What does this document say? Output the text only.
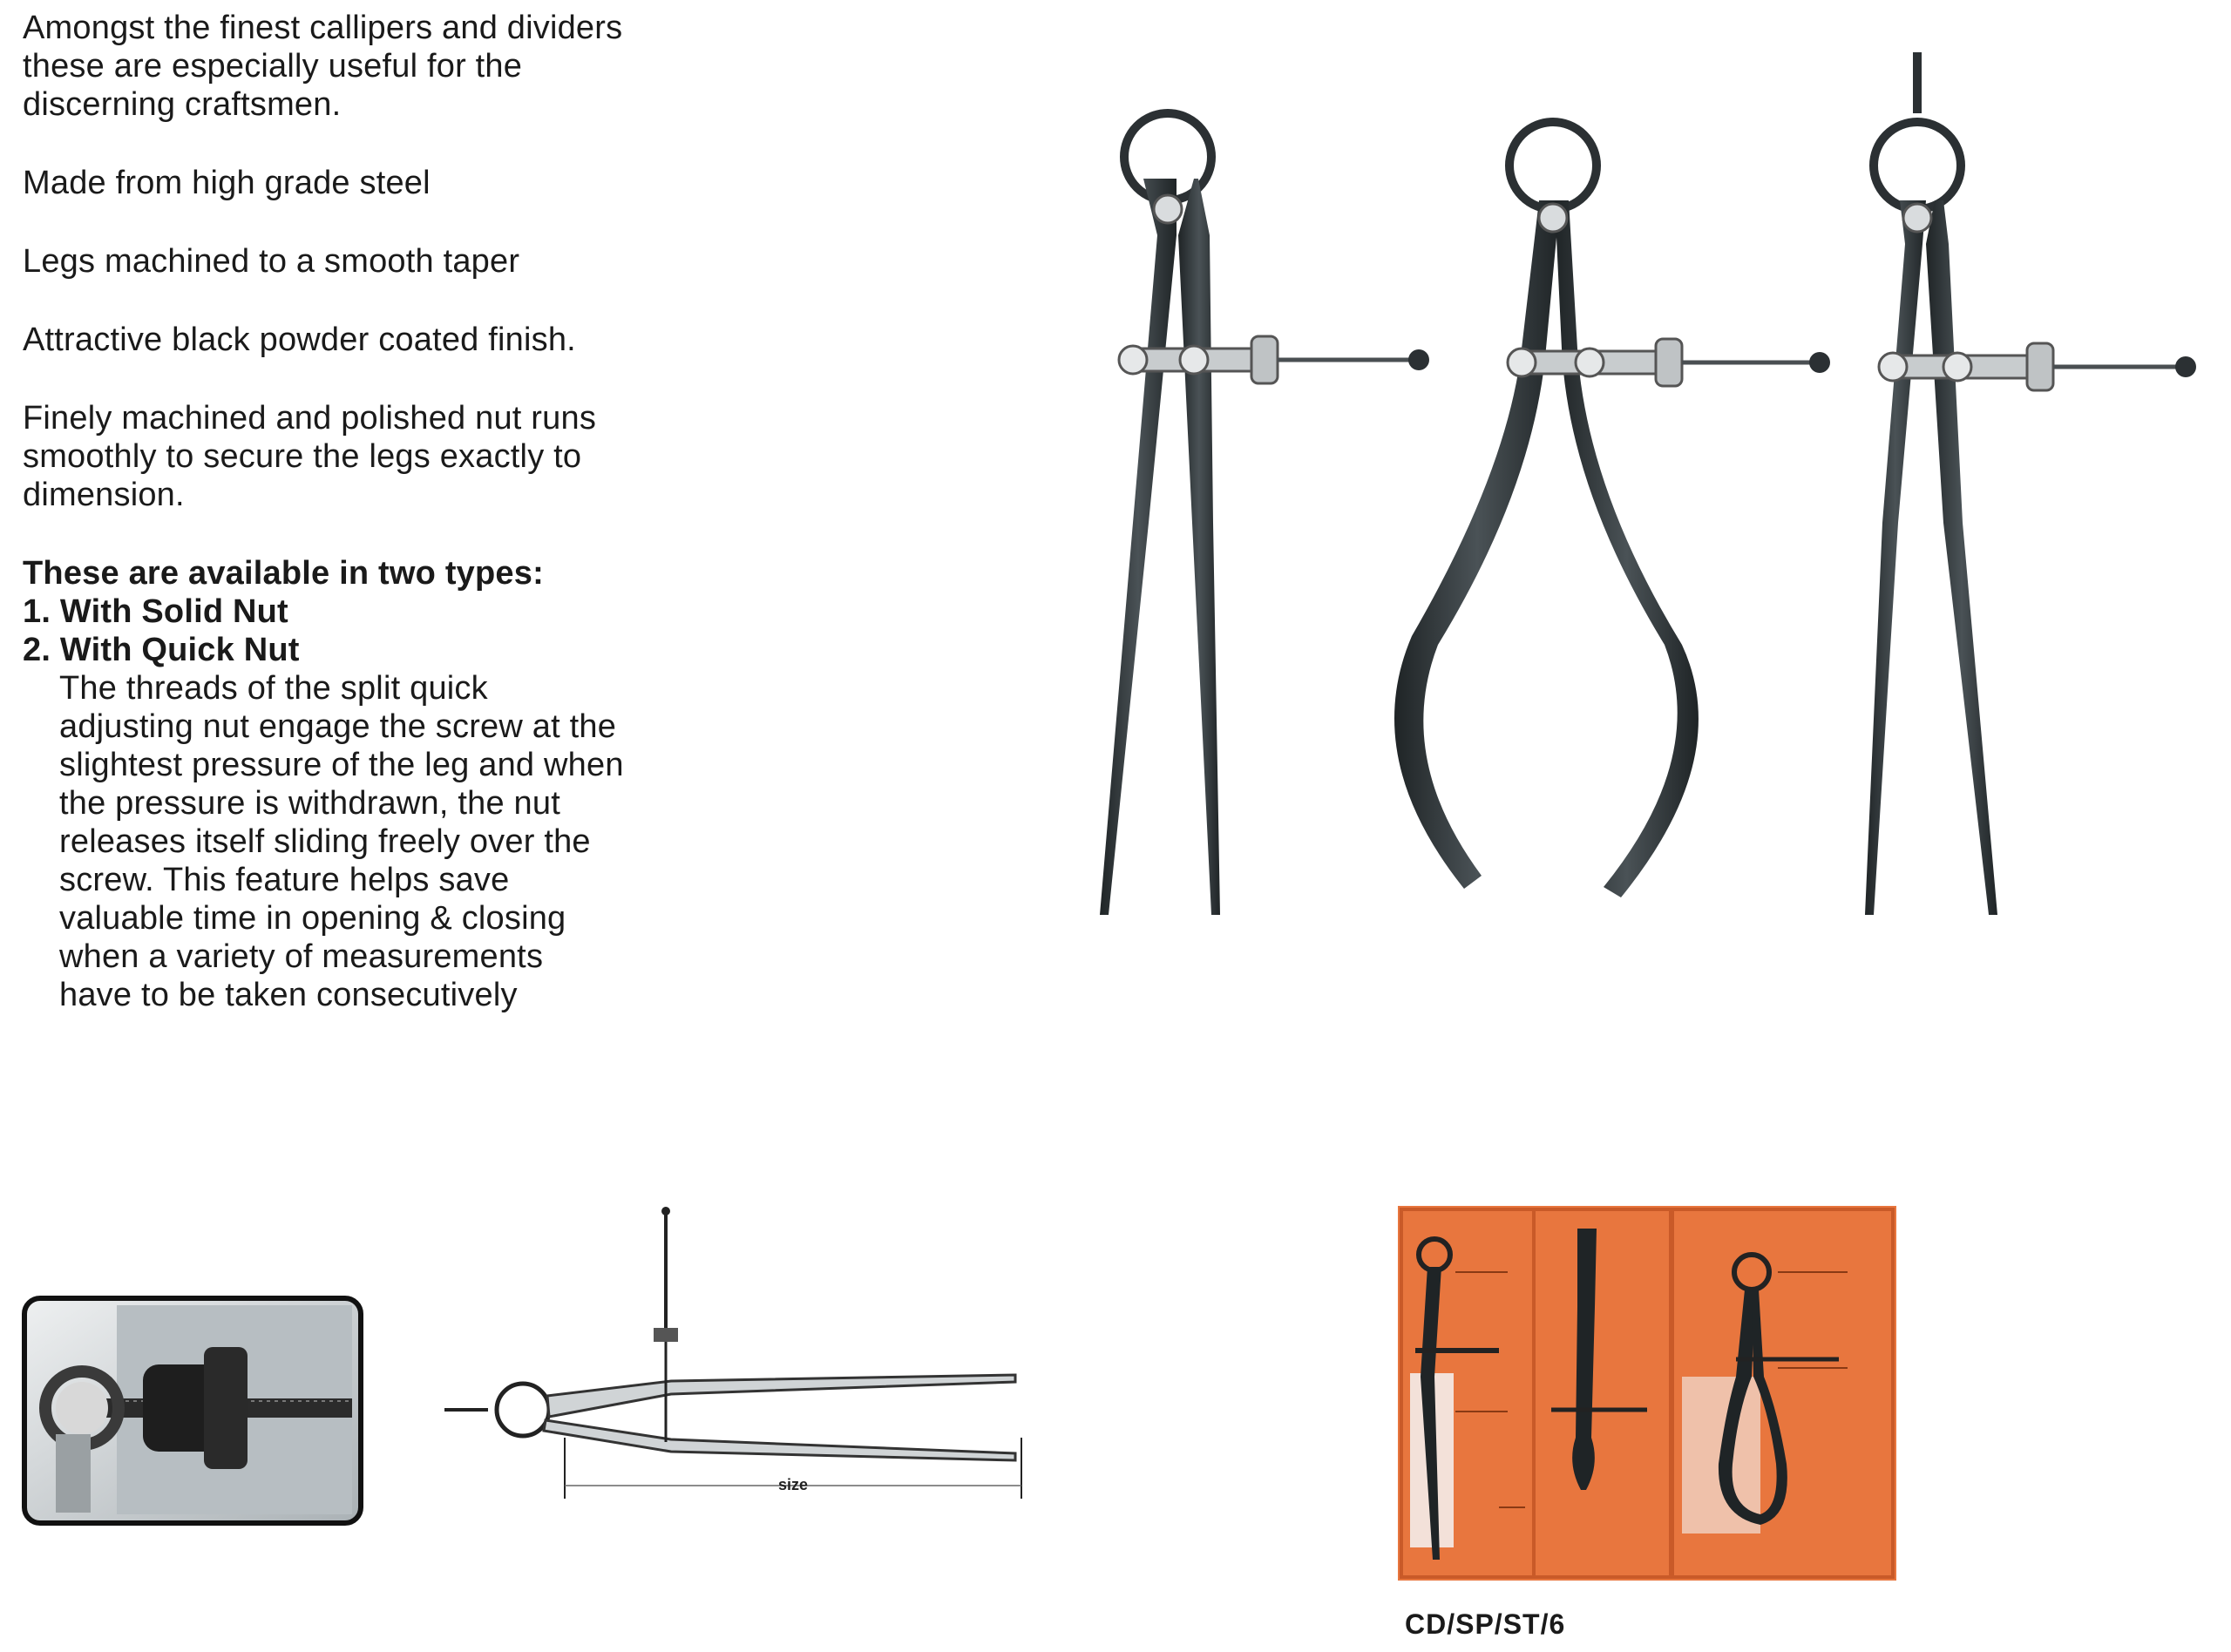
Amongst the finest callipers and dividers these are especially useful for the discerning craftsmen.

Made from high grade steel

Legs machined to a smooth taper

Attractive black powder coated finish.

Finely machined and polished nut runs smoothly to secure the legs exactly to dimension.

These are available in two types:

1. With Solid Nut

2. With Quick Nut

The threads of the split quick adjusting nut engage the screw at the slightest pressure of the leg and when the pressure is withdrawn, the nut releases itself sliding freely over the screw. This feature helps save valuable time in opening & closing when a variety of measurements have to be taken consecutively

size
CD/SP/ST/6
